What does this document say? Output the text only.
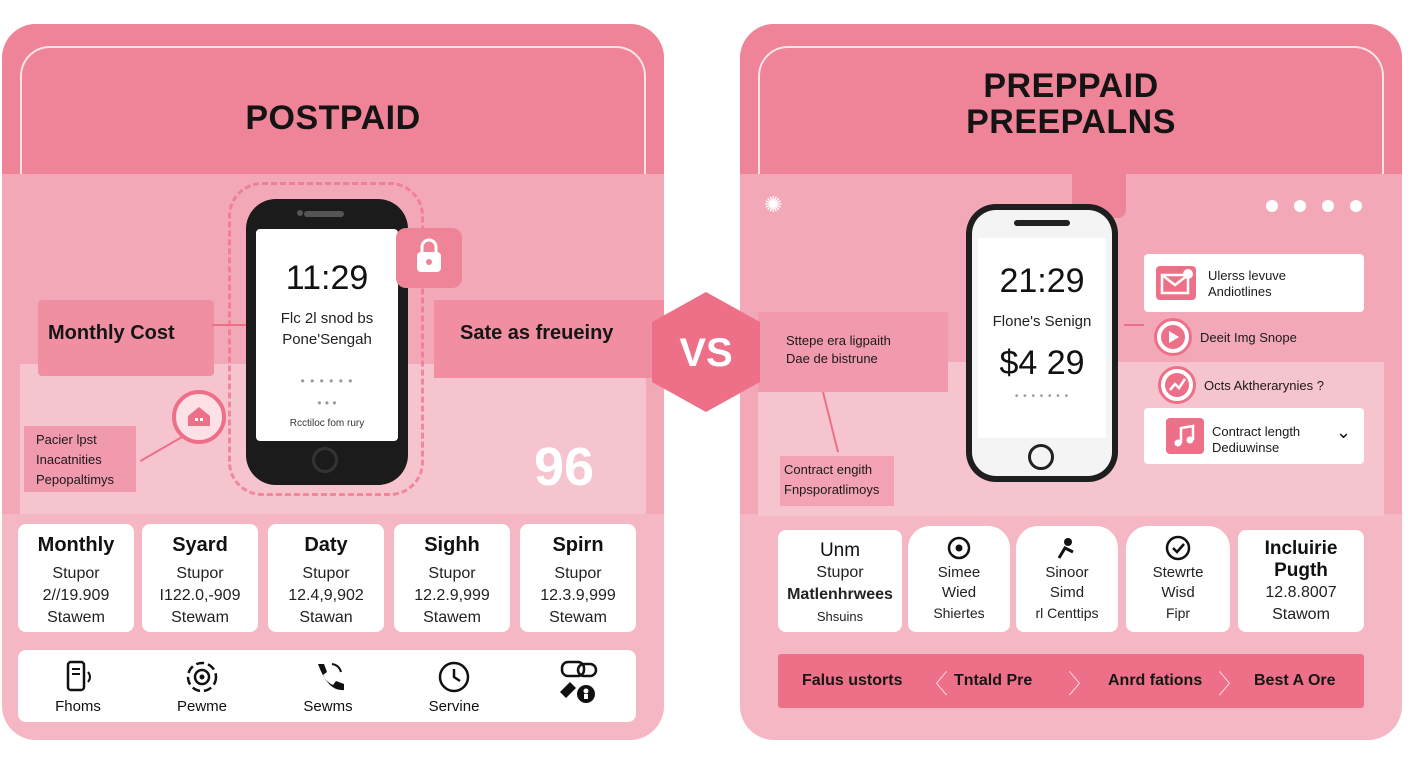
POSTPAID
11:29
Flc 2l snod bs
Pone'Sengah
• • • • • •
• • •
Rcctiloc fom rury
Monthly Cost	Sate as freueiny
Pacier lpst
Inacatnities
Pepopaltimys	96
Monthly
Stupor
2//19.909
Stawem
Syard
Stupor
I122.0,-909
Stewam
Daty
Stupor
12.4,9,902
Stawan
Sighh
Stupor
12.2.9,999
Stawem
Spirn
Stupor
12.3.9,999
Stewam
Fhoms	Pewme	Sewms	Servine
PREPPAID
PREEPALNS
✺
21:29
Flone's Senign
$4 29
• • • • • • •
Sttepe era ligpaith
Dae de bistrune
Contract engith
Fnpsporatlimoys
Ulerss levuve
Andiotlines
Deeit Img Snope
Octs Aktherarynies ?
Contract length
Dediuwinse
⌄
Unm
Stupor
Matlenhrwees
Shsuins
Simee
Wied
Shiertes
Sinoor
Simd
rl Centtips
Stewrte
Wisd
Fipr
Incluirie
Pugth
12.8.8007
Stawom
Falus ustorts 〈 Tntald Pre 〉 Anrd fations 〉 Best A Ore
VS
